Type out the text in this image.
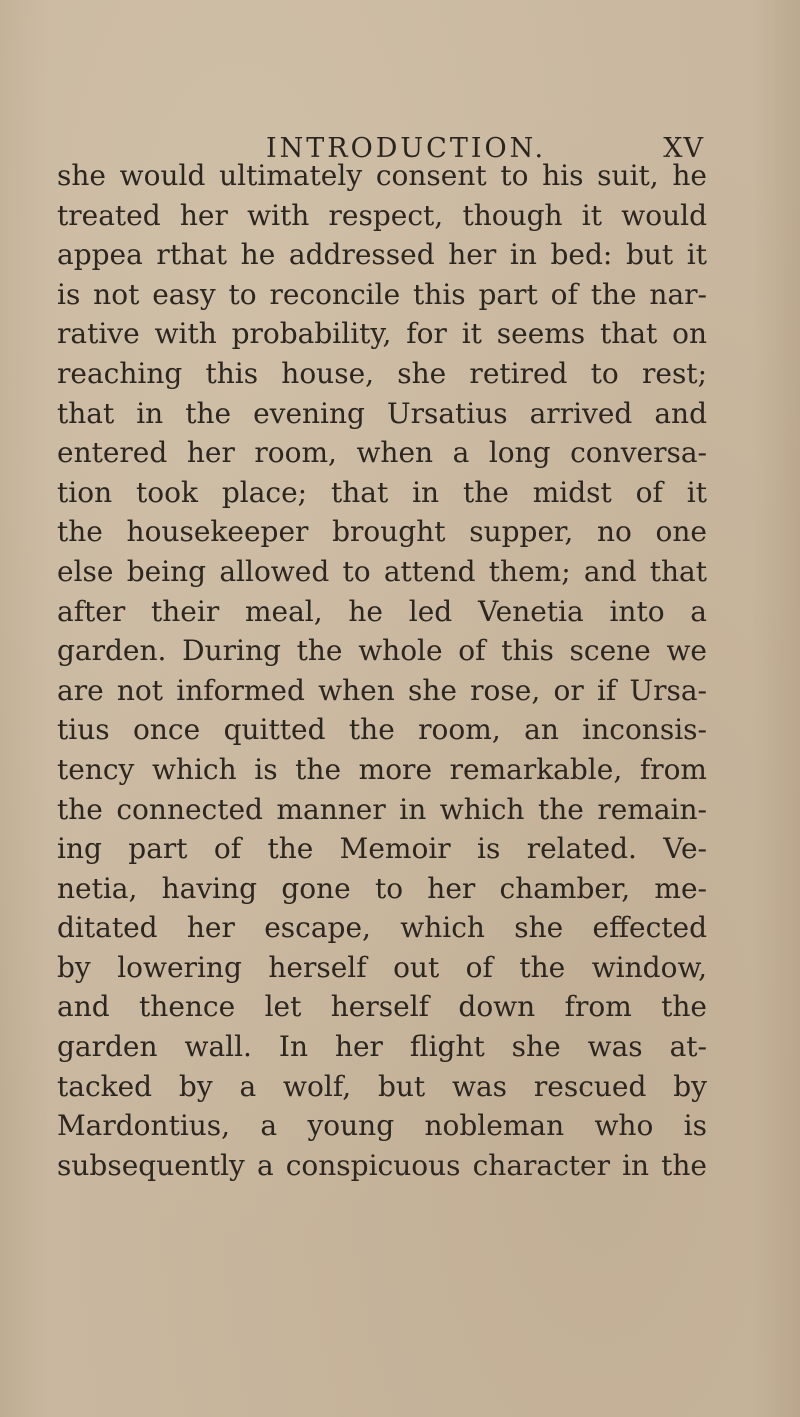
INTRODUCTION.	XV
she would ultimately consent to his suit, he
treated her with respect, though it would
appea rthat he addressed her in bed: but it
is not easy to reconcile this part of the nar-
rative with probability, for it seems that on
reaching this house, she retired to rest;
that in the evening Ursatius arrived and
entered her room, when a long conversa-
tion took place; that in the midst of it
the housekeeper brought supper, no one
else being allowed to attend them; and that
after their meal, he led Venetia into a
garden. During the whole of this scene we
are not informed when she rose, or if Ursa-
tius once quitted the room, an inconsis-
tency which is the more remarkable, from
the connected manner in which the remain-
ing part of the Memoir is related. Ve-
netia, having gone to her chamber, me-
ditated her escape, which she effected
by lowering herself out of the window,
and thence let herself down from the
garden wall. In her flight she was at-
tacked by a wolf, but was rescued by
Mardontius, a young nobleman who is
subsequently a conspicuous character in the
